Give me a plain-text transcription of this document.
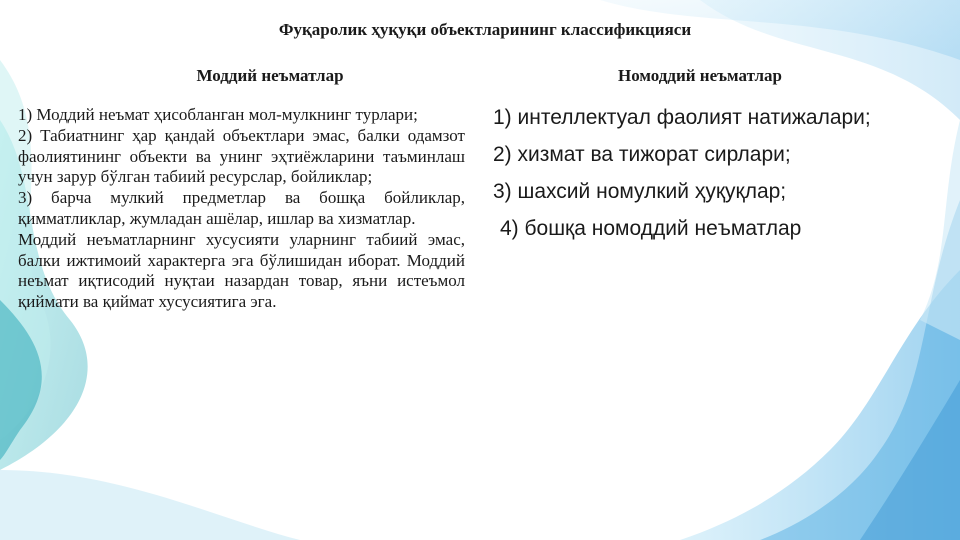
Фуқаролик ҳуқуқи объектларининг классификцияси
Моддий неъматлар	Номоддий неъматлар

1) Моддий неъмат ҳисобланган мол-мулкнинг турлари;

2) Табиатнинг ҳар қандай объектлари эмас, балки одамзот фаолиятининг объекти ва унинг эҳтиёжларини таъминлаш учун зарур бўлган табиий ресурслар, бойликлар;

3) барча мулкий предметлар ва бошқа бойликлар, қимматликлар, жумладан ашёлар, ишлар ва хизматлар.

Моддий неъматларнинг хусусияти уларнинг табиий эмас, балки ижтимоий характерга эга бўлишидан иборат. Моддий неъмат иқтисодий нуқтаи назардан товар, яъни истеъмол қиймати ва қиймат хусусиятига эга.

1) интеллектуал фаолият натижалари;

2) хизмат ва тижорат сирлари;

3) шахсий номулкий ҳуқуқлар;

4) бошқа номоддий неъматлар
